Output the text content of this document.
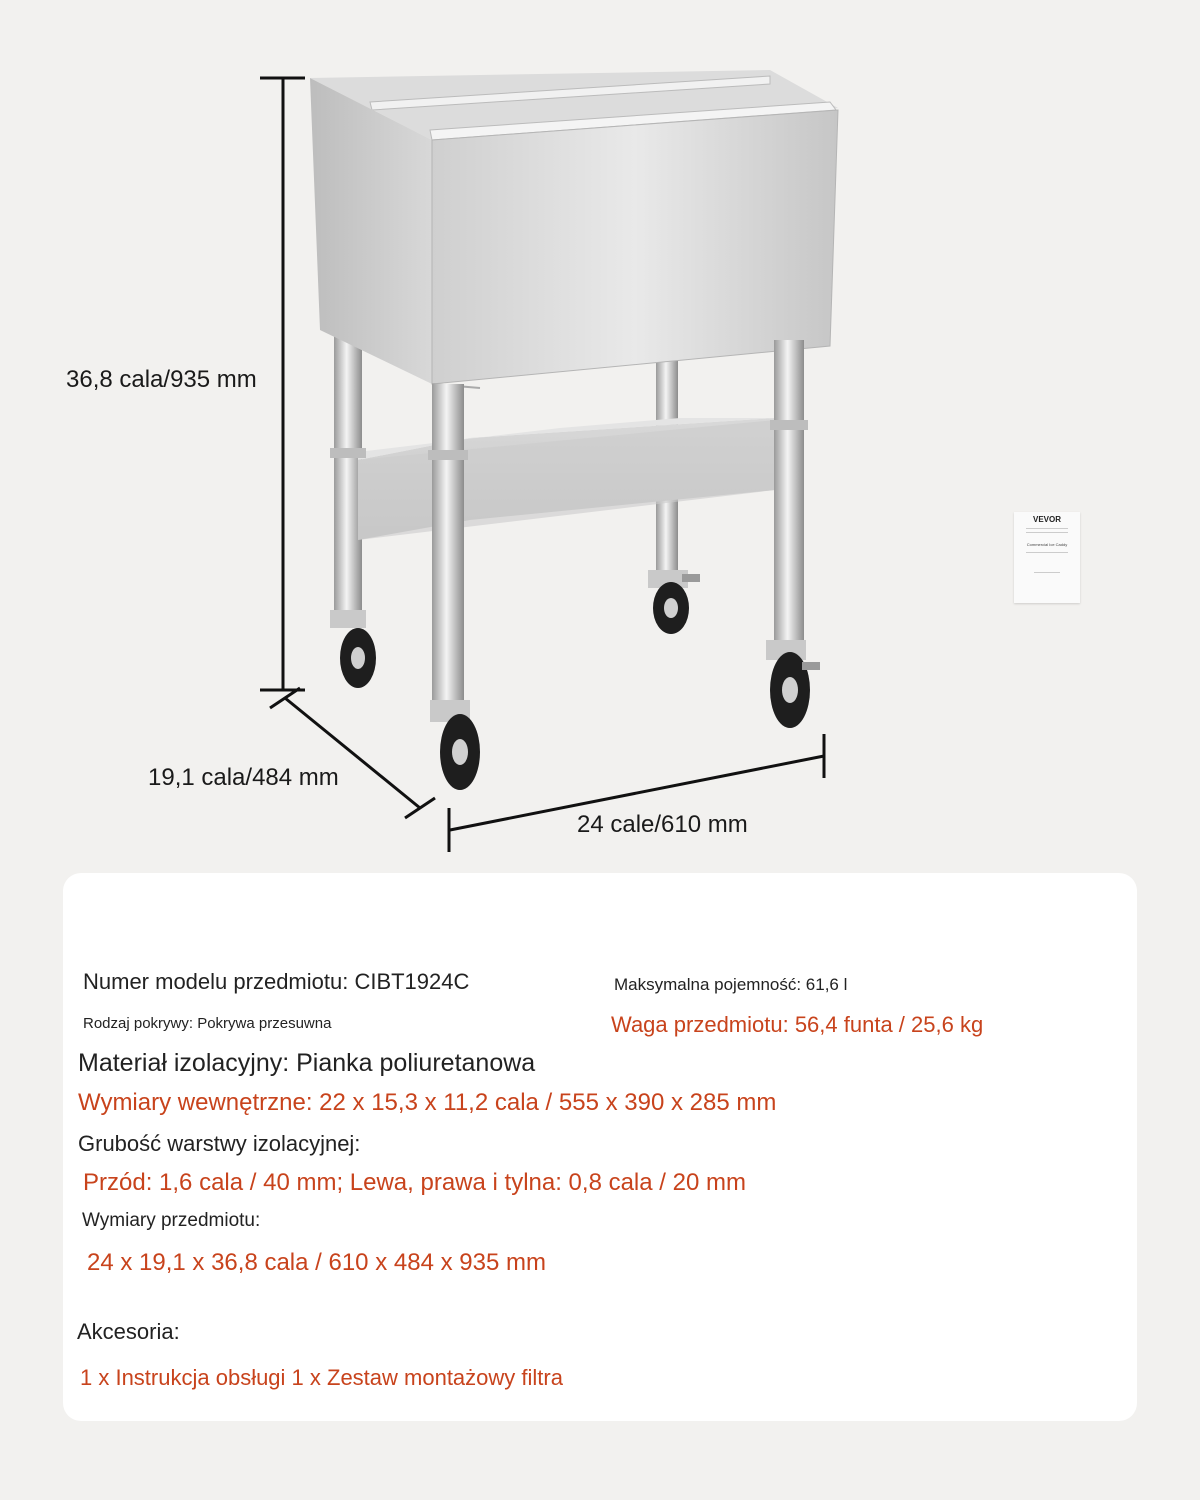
36,8 cala/935 mm
19,1 cala/484 mm
24 cale/610 mm
VEVOR
Commercial Ice Caddy
Numer modelu przedmiotu: CIBT1924C	Maksymalna pojemność: 61,6 l
Rodzaj pokrywy: Pokrywa przesuwna	Waga przedmiotu: 56,4 funta / 25,6 kg
Materiał izolacyjny: Pianka poliuretanowa
Wymiary wewnętrzne: 22 x 15,3 x 11,2 cala / 555 x 390 x 285 mm
Grubość warstwy izolacyjnej:
Przód: 1,6 cala / 40 mm; Lewa, prawa i tylna: 0,8 cala / 20 mm
Wymiary przedmiotu:
24 x 19,1 x 36,8 cala / 610 x 484 x 935 mm
Akcesoria:
1 x Instrukcja obsługi 1 x Zestaw montażowy filtra
